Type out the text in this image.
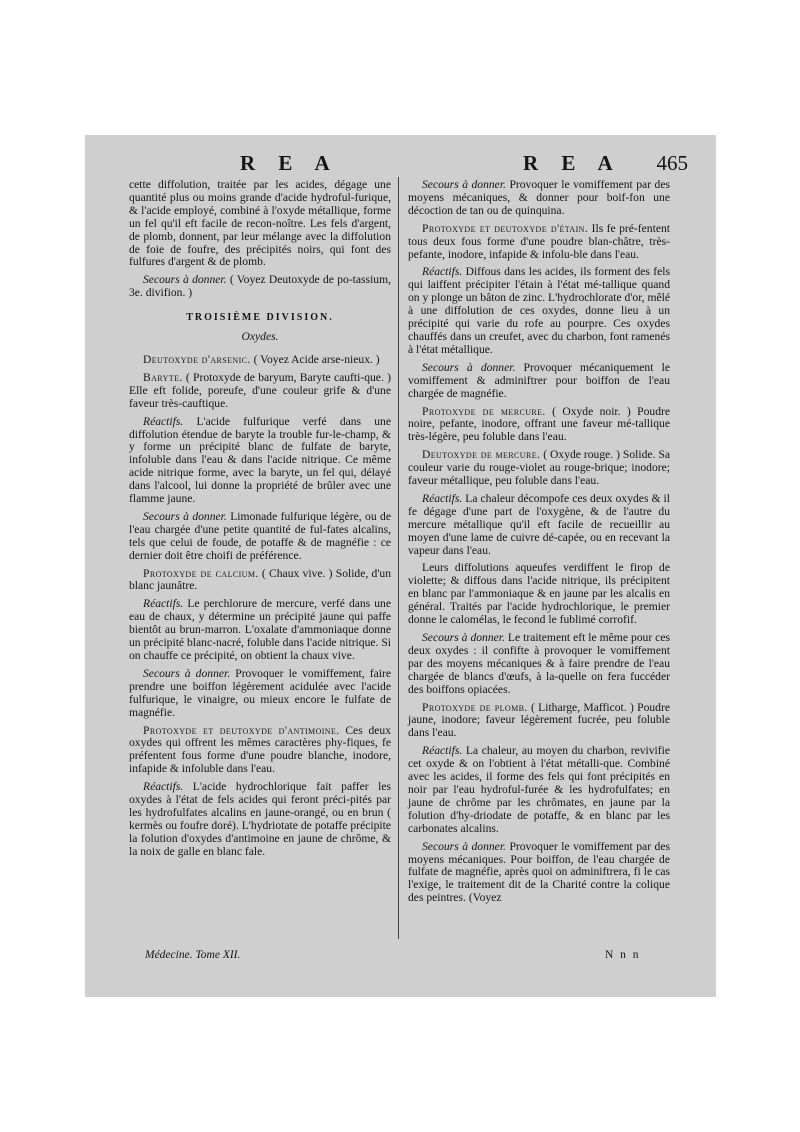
R E A	R E A 465

cette diffolution, traitée par les acides, dégage une quantité plus ou moins grande d'acide hydroful-furique, & l'acide employé, combiné à l'oxyde métallique, forme un fel qu'il eft facile de recon-noître. Les fels d'argent, de plomb, donnent, par leur mélange avec la diffolution de foie de foufre, des précipités noirs, qui font des fulfures d'argent & de plomb.

Secours à donner. ( Voyez Deutoxyde de po-tassium, 3e. divifion. )

TROISIÈME DIVISION.
Oxydes.

Deutoxyde d'arsenic. ( Voyez Acide arse-nieux. )

Baryte. ( Protoxyde de baryum, Baryte caufti-que. ) Elle eft folide, poreufe, d'une couleur grife & d'une faveur très-cauftique.

Réactifs. L'acide fulfurique verfé dans une diffolution étendue de baryte la trouble fur-le-champ, & y forme un précipité blanc de fulfate de baryte, infoluble dans l'eau & dans l'acide nitrique. Ce même acide nitrique forme, avec la baryte, un fel qui, délayé dans l'alcool, lui donne la propriété de brûler avec une flamme jaune.

Secours à donner. Limonade fulfurique légère, ou de l'eau chargée d'une petite quantité de ful-fates alcalins, tels que celui de foude, de potaffe & de magnéfie : ce dernier doit être choifi de préférence.

Protoxyde de calcium. ( Chaux vive. ) Solide, d'un blanc jaunâtre.

Réactifs. Le perchlorure de mercure, verfé dans une eau de chaux, y détermine un précipité jaune qui paffe bientôt au brun-marron. L'oxalate d'ammoniaque donne un précipité blanc-nacré, foluble dans l'acide nitrique. Si on chauffe ce précipité, on obtient la chaux vive.

Secours à donner. Provoquer le vomiffement, faire prendre une boiffon légèrement acidulée avec l'acide fulfurique, le vinaigre, ou mieux encore le fulfate de magnéfie.

Protoxyde et deutoxyde d'antimoine. Ces deux oxydes qui offrent les mêmes caractères phy-fiques, fe préfentent fous forme d'une poudre blanche, inodore, infapide & infoluble dans l'eau.

Réactifs. L'acide hydrochlorique fait paffer les oxydes à l'état de fels acides qui feront préci-pités par les hydrofulfates alcalins en jaune-orangé, ou en brun ( kermès ou foufre doré). L'hydriotate de potaffe précipite la folution d'oxydes d'antimoine en jaune de chrôme, & la noix de galle en blanc fale.

Secours à donner. Provoquer le vomiffement par des moyens mécaniques, & donner pour boif-fon une décoction de tan ou de quinquina.

Protoxyde et deutoxyde d'étain. Ils fe pré-fentent tous deux fous forme d'une poudre blan-châtre, très-pefante, inodore, infapide & infolu-ble dans l'eau.

Réactifs. Diffous dans les acides, ils forment des fels qui laiffent précipiter l'étain à l'état mé-tallique quand on y plonge un bâton de zinc. L'hydrochlorate d'or, mêlé à une diffolution de ces oxydes, donne lieu à un précipité qui varie du rofe au pourpre. Ces oxydes chauffés dans un creufet, avec du charbon, font ramenés à l'état métallique.

Secours à donner. Provoquer mécaniquement le vomiffement & adminiftrer pour boiffon de l'eau chargée de magnéfie.

Protoxyde de mercure. ( Oxyde noir. ) Poudre noire, pefante, inodore, offrant une faveur mé-tallique très-légère, peu foluble dans l'eau.

Deutoxyde de mercure. ( Oxyde rouge. ) Solide. Sa couleur varie du rouge-violet au rouge-brique; inodore; faveur métallique, peu foluble dans l'eau.

Réactifs. La chaleur décompofe ces deux oxydes & il fe dégage d'une part de l'oxygène, & de l'autre du mercure métallique qu'il eft facile de recueillir au moyen d'une lame de cuivre dé-capée, ou en recevant la vapeur dans l'eau.

Leurs diffolutions aqueufes verdiffent le firop de violette; & diffous dans l'acide nitrique, ils précipitent en blanc par l'ammoniaque & en jaune par les alcalis en général. Traités par l'acide hydrochlorique, le premier donne le calomélas, le fecond le fublimé corrofif.

Secours à donner. Le traitement eft le même pour ces deux oxydes : il confifte à provoquer le vomiffement par des moyens mécaniques & à faire prendre de l'eau chargée de blancs d'œufs, à la-quelle on fera fuccéder des boiffons opiacées.

Protoxyde de plomb. ( Litharge, Mafficot. ) Poudre jaune, inodore; faveur légèrement fucrée, peu foluble dans l'eau.

Réactifs. La chaleur, au moyen du charbon, revivifie cet oxyde & on l'obtient à l'état métalli-que. Combiné avec les acides, il forme des fels qui font précipités en noir par l'eau hydroful-furée & les hydrofulfates; en jaune de chrôme par les chrômates, en jaune par la folution d'hy-driodate de potaffe, & en blanc par les carbonates alcalins.

Secours à donner. Provoquer le vomiffement par des moyens mécaniques. Pour boiffon, de l'eau chargée de fulfate de magnéfie, après quoi on adminiftrera, fi le cas l'exige, le traitement dit de la Charité contre la colique des peintres. (Voyez

Médecine. Tome XII.	N n n
